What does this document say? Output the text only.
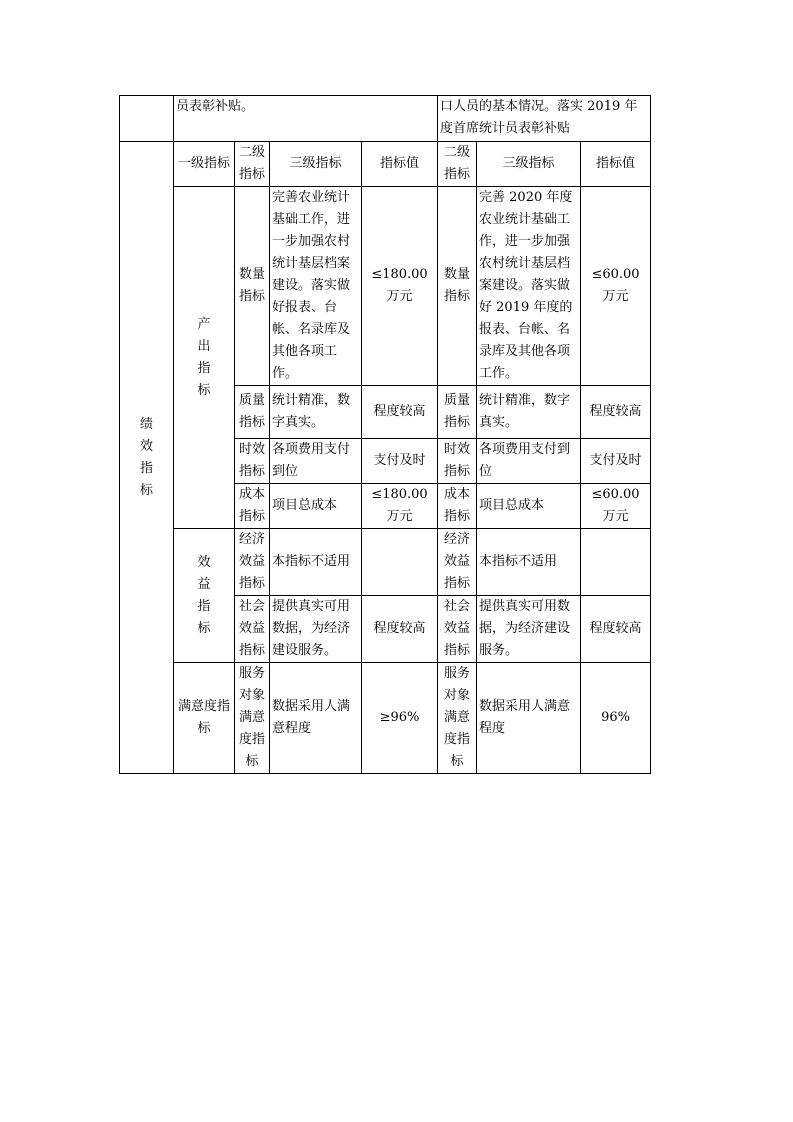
	员表彰补贴。				口人员的基本情况。落实 2019 年度首席统计员表彰补贴		

绩效指标	一级指标	二级指标	三级指标	指标值	二级指标	三级指标	指标值

	产出指标	数量指标	完善农业统计基础工作，进一步加强农村统计基层档案建设。落实做好报表、台帐、名录库及其他各项工作。	≤180.00 万元	数量指标	完善 2020 年度农业统计基础工作，进一步加强农村统计基层档案建设。落实做好 2019 年度的报表、台帐、名录库及其他各项工作。	≤60.00 万元
		质量指标	统计精准，数字真实。	程度较高	质量指标	统计精准，数字真实。	程度较高
		时效指标	各项费用支付到位	支付及时	时效指标	各项费用支付到位	支付及时
		成本指标	项目总成本	≤180.00 万元	成本指标	项目总成本	≤60.00 万元

	效益指标	经济效益指标	本指标不适用		经济效益指标	本指标不适用	
		社会效益指标	提供真实可用数据，为经济建设服务。	程度较高	社会效益指标	提供真实可用数据，为经济建设服务。	程度较高
	满意度指标	服务对象满意度指标	数据采用人满意程度	≥96%	服务对象满意度指标	数据采用人满意程度	96%
